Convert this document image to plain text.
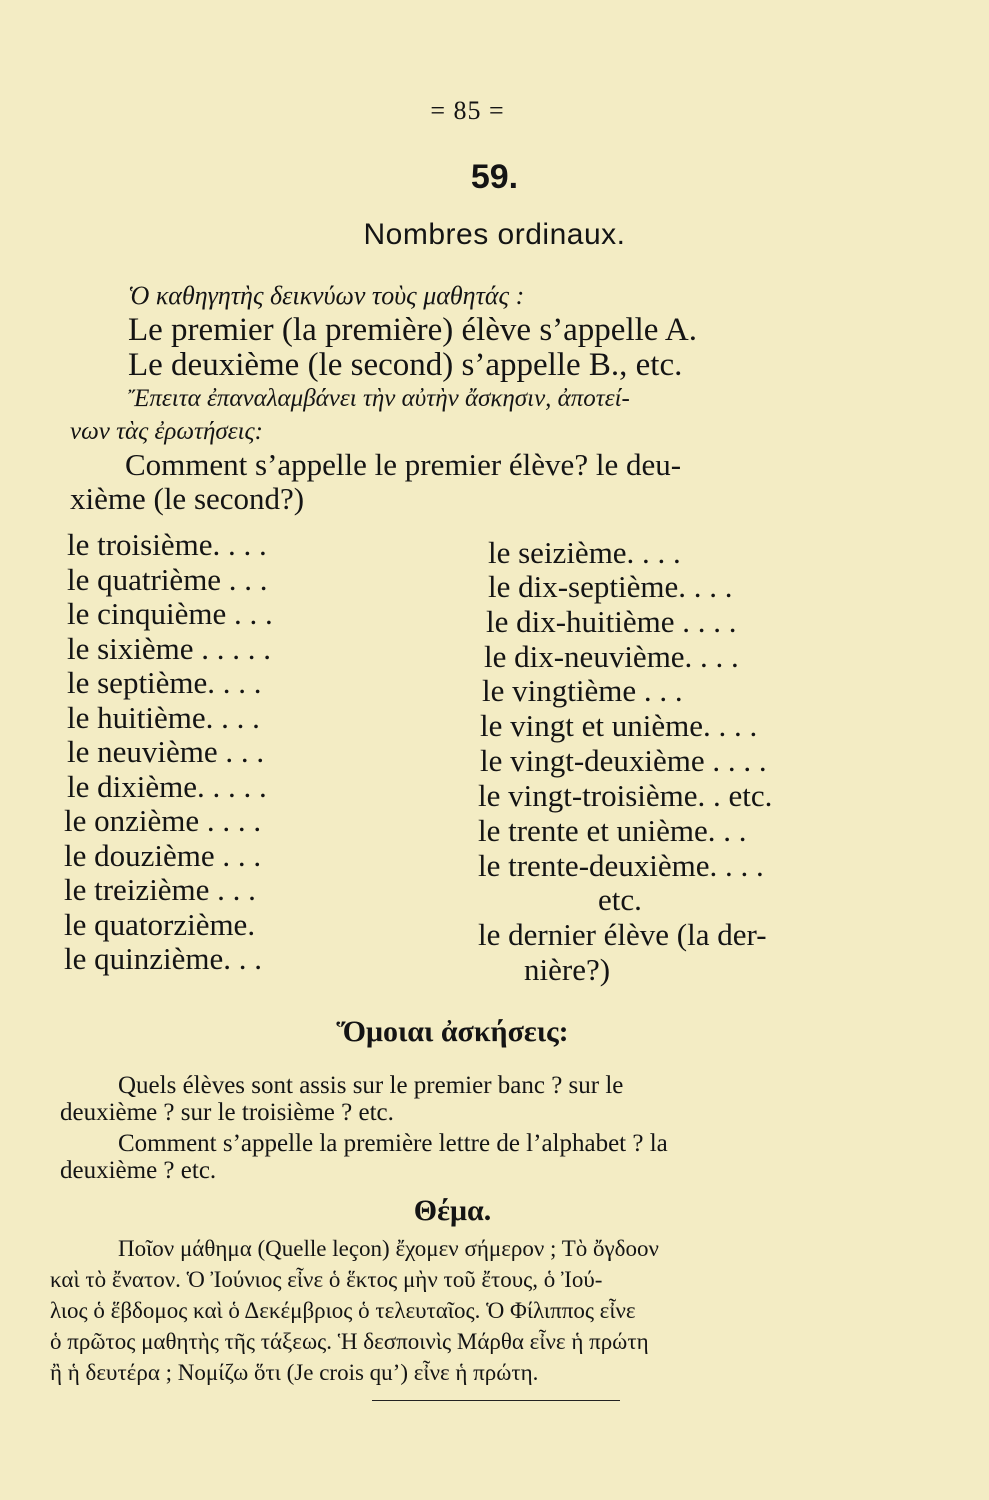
= 85 =
59.
Nombres ordinaux.
Ὁ καθηγητὴς δεικνύων τοὺς μαθητάς :
Le premier (la première) élève s’appelle A.
Le deuxième (le second) s’appelle B., etc.
Ἔπειτα ἐπαναλαμβάνει τὴν αὐτὴν ἄσκησιν, ἀποτεί-
νων τὰς ἐρωτήσεις:
Comment s’appelle le premier élève? le deu-
xième (le second?)
le troisième. . . .
le quatrième . . .
le cinquième . . .
le sixième . . . . .
le septième. . . .
le huitième. . . .
le neuvième . . .
le dixième. . . . .
le onzième . . . .
le douzième . . .
le treizième . . .
le quatorzième.
le quinzième. . .
le seizième. . . .
le dix-septième. . . .
le dix-huitième . . . .
le dix-neuvième. . . .
le vingtième . . .
le vingt et unième. . . .
le vingt-deuxième . . . .
le vingt-troisième. . etc.
le trente et unième. . .
le trente-deuxième. . . .
etc.
le dernier élève (la der-
nière?)
Ὅμοιαι ἀσκήσεις:
Quels élèves sont assis sur le premier banc ? sur le
deuxième ? sur le troisième ? etc.
Comment s’appelle la première lettre de l’alphabet ? la
deuxième ? etc.
Θέμα.
Ποῖον μάθημα (Quelle leçon) ἔχομεν σήμερον ; Τὸ ὄγδοον
καὶ τὸ ἔνατον. Ὁ Ἰούνιος εἶνε ὁ ἕκτος μὴν τοῦ ἔτους, ὁ Ἰού-
λιος ὁ ἕβδομος καὶ ὁ Δεκέμβριος ὁ τελευταῖος. Ὁ Φίλιππος εἶνε
ὁ πρῶτος μαθητὴς τῆς τάξεως. Ἡ δεσποινὶς Μάρθα εἶνε ἡ πρώτη
ἢ ἡ δευτέρα ; Νομίζω ὅτι (Je crois qu’) εἶνε ἡ πρώτη.
